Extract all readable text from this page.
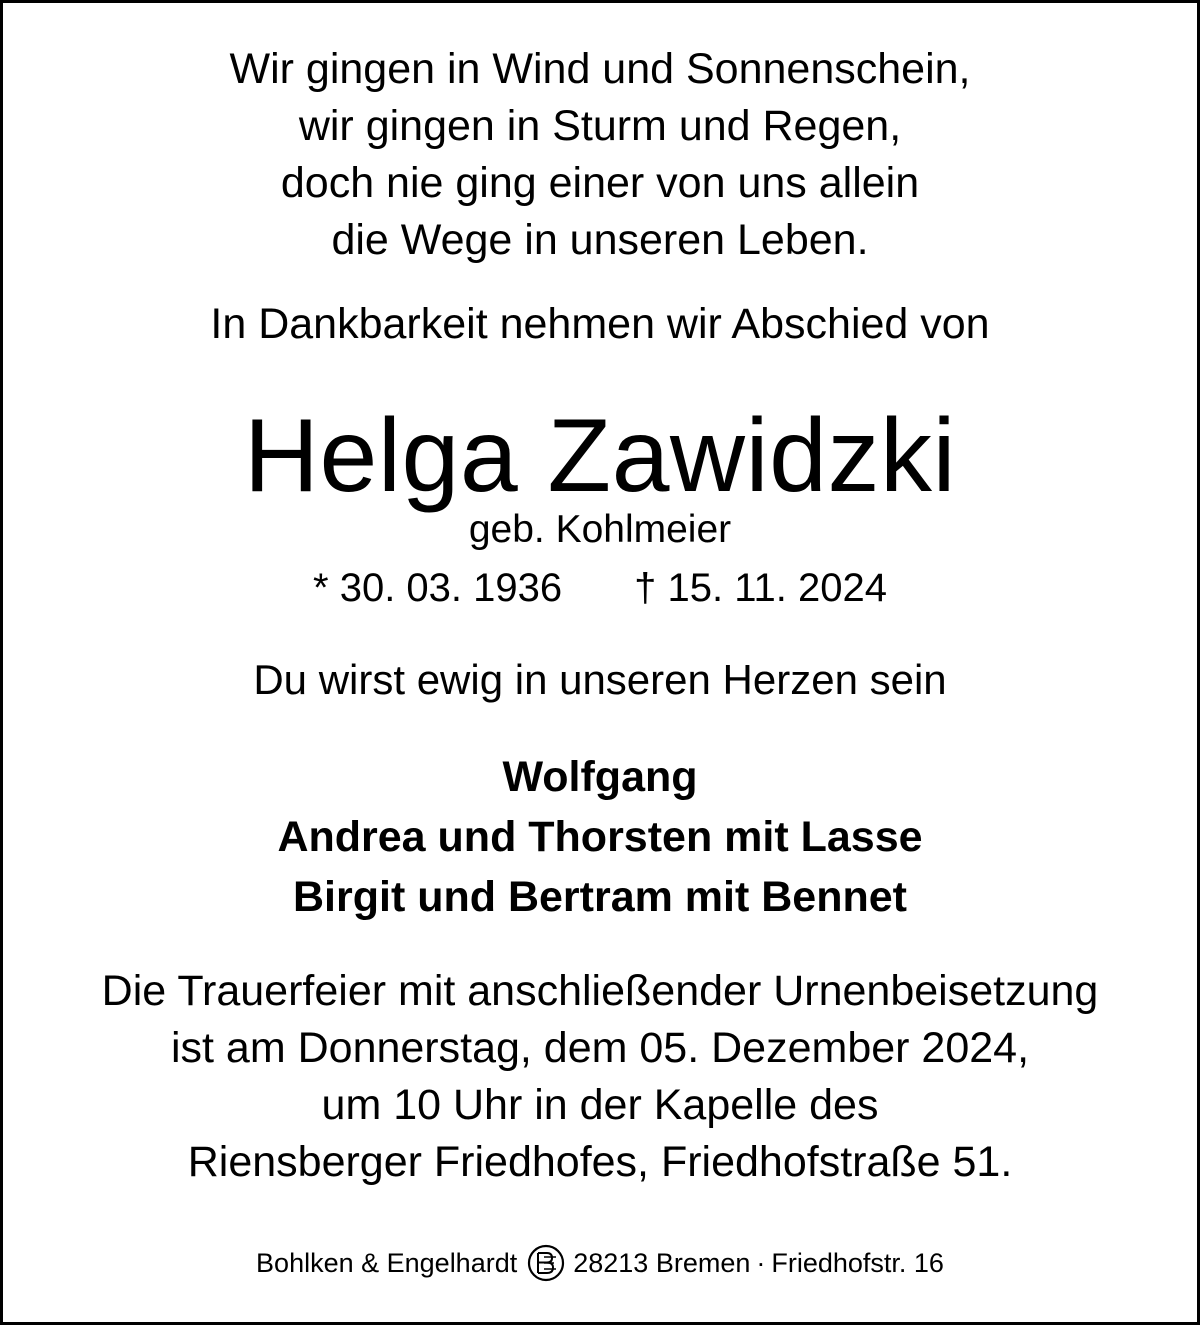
Wir gingen in Wind und Sonnenschein,
wir gingen in Sturm und Regen,
doch nie ging einer von uns allein
die Wege in unseren Leben.
In Dankbarkeit nehmen wir Abschied von
Helga Zawidzki
geb. Kohlmeier
* 30. 03. 1936 † 15. 11. 2024
Du wirst ewig in unseren Herzen sein
Wolfgang
Andrea und Thorsten mit Lasse
Birgit und Bertram mit Bennet
Die Trauerfeier mit anschließender Urnenbeisetzung
ist am Donnerstag, dem 05. Dezember 2024,
um 10 Uhr in der Kapelle des
Riensberger Friedhofes, Friedhofstraße 51.
Bohlken & Engelhardt 28213 Bremen · Friedhofstr. 16
